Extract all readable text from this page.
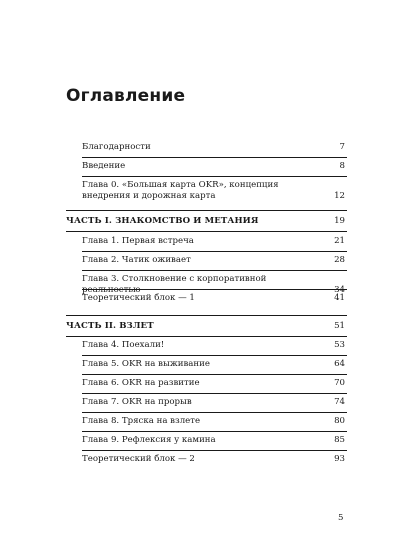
Оглавление
Благодарности	7
Введение	8
Глава 0. «Большая карта OKR», концепция внедрения и дорожная карта	12
ЧАСТЬ I. ЗНАКОМСТВО И МЕТАНИЯ	19
Глава 1. Первая встреча	21
Глава 2. Чатик оживает	28
Глава 3. Столкновение с корпоративной реальностью	34
Теоретический блок — 1	41
ЧАСТЬ II. ВЗЛЕТ	51
Глава 4. Поехали!	53
Глава 5. OKR на выживание	64
Глава 6. OKR на развитие	70
Глава 7. OKR на прорыв	74
Глава 8. Тряска на взлете	80
Глава 9. Рефлексия у камина	85
Теоретический блок — 2	93
5
